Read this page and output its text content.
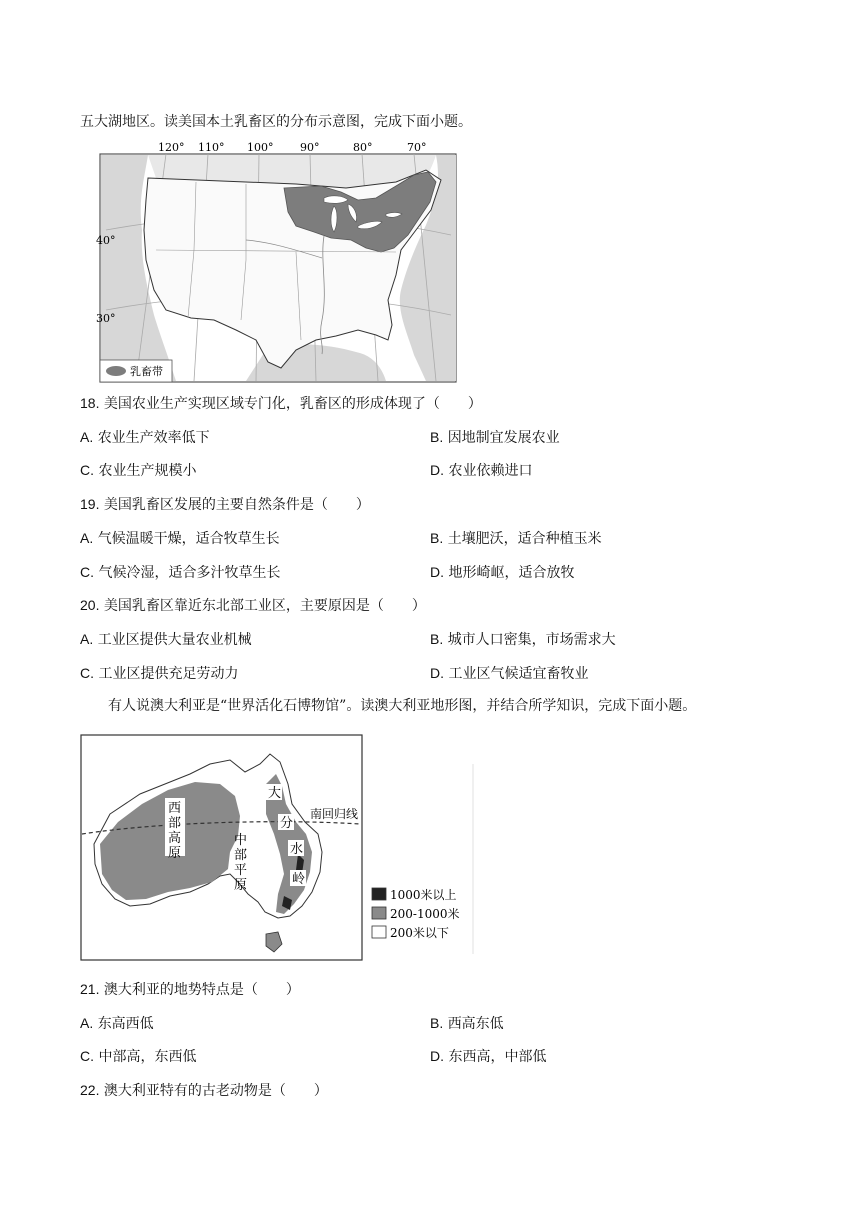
五大湖地区。读美国本土乳畜区的分布示意图，完成下面小题。
120° 110° 100° 90°	80°	70°
40°
30°
乳畜带
18. 美国农业生产实现区域专门化，乳畜区的形成体现了（　　）
A. 农业生产效率低下	B. 因地制宜发展农业
C. 农业生产规模小	D. 农业依赖进口
19. 美国乳畜区发展的主要自然条件是（　　）
A. 气候温暖干燥，适合牧草生长	B. 土壤肥沃，适合种植玉米
C. 气候冷湿，适合多汁牧草生长	D. 地形崎岖，适合放牧
20. 美国乳畜区靠近东北部工业区，主要原因是（　　）
A. 工业区提供大量农业机械	B. 城市人口密集，市场需求大
C. 工业区提供充足劳动力	D. 工业区气候适宜畜牧业
有人说澳大利亚是“世界活化石博物馆”。读澳大利亚地形图，并结合所学知识，完成下面小题。
西
部
高
原
中
部
平
原
大
分
水
岭
南回归线
1000米以上
200-1000米
200米以下
21. 澳大利亚的地势特点是（　　）
A. 东高西低	B. 西高东低
C. 中部高，东西低	D. 东西高，中部低
22. 澳大利亚特有的古老动物是（　　）
